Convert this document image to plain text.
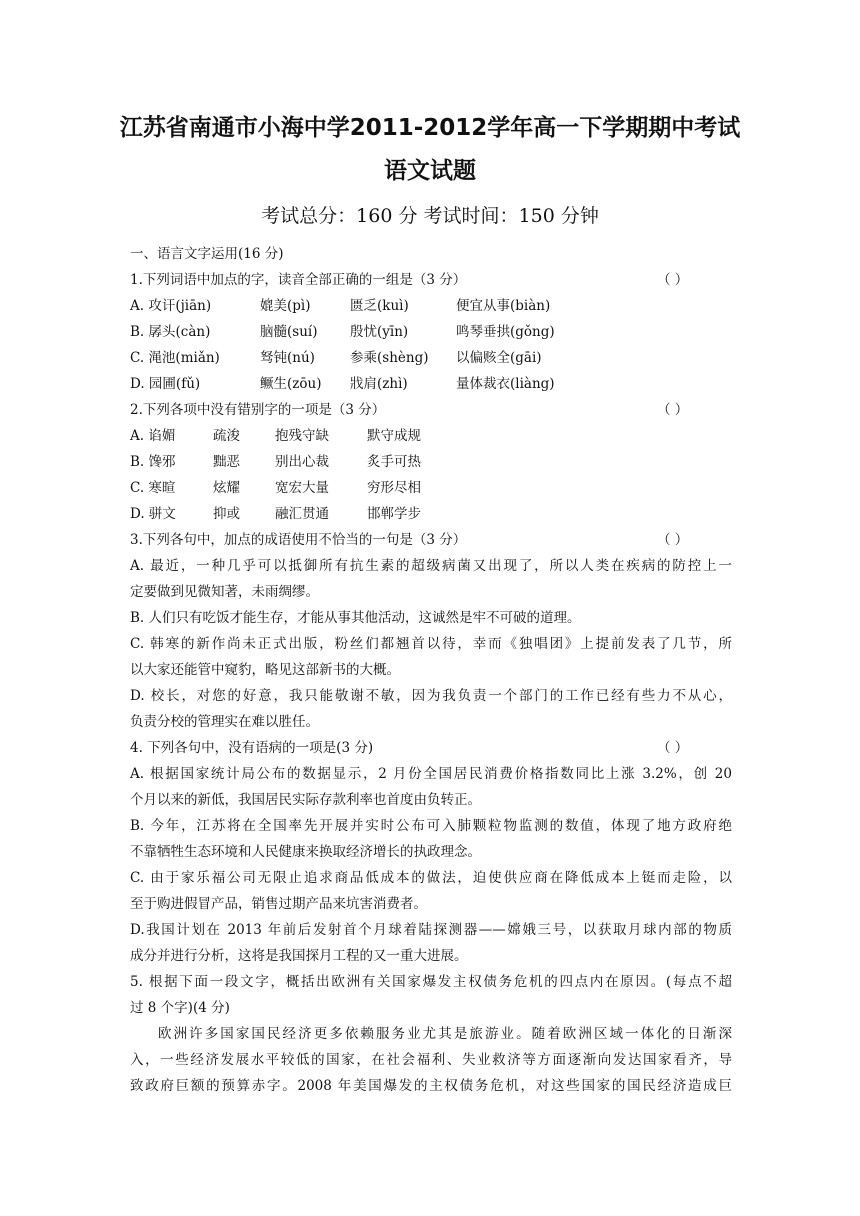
江苏省南通市小海中学2011-2012学年高一下学期期中考试
语文试题
考试总分：160 分 考试时间：150 分钟
一、语言文字运用(16 分)
1.下列词语中加点的字，读音全部正确的一组是（3 分）	（ ）
A. 攻讦(jiān)	媲美(pì)	匮乏(kuì)	便宜从事(biàn)
B. 孱头(càn)	脑髓(suí) 殷忧(yīn)	鸣琴垂拱(gǒng)
C. 渑池(miǎn)	驽钝(nú)	参乘(shèng) 以偏赅全(gāi)
D. 园圃(fǔ)	鳜生(zōu) 戕肩(zhì)	量体裁衣(liàng)
2.下列各项中没有错别字的一项是（3 分）	（ ）
A. 谄媚	疏浚	抱残守缺	默守成规
B. 馋邪	黜恶	别出心裁	炙手可热
C. 寒暄	炫耀	宽宏大量	穷形尽相
D. 骈文	抑或	融汇贯通	邯郸学步
3.下列各句中，加点的成语使用不恰当的一句是（3 分）	（ ）
A. 最近，一种几乎可以抵御所有抗生素的超级病菌又出现了，所以人类在疾病的防控上一
定要做到见微知著，未雨绸缪。
B. 人们只有吃饭才能生存，才能从事其他活动，这诚然是牢不可破的道理。
C. 韩寒的新作尚未正式出版，粉丝们都翘首以待，幸而《独唱团》上提前发表了几节，所
以大家还能管中窥豹，略见这部新书的大概。
D. 校长，对您的好意，我只能敬谢不敏，因为我负责一个部门的工作已经有些力不从心，
负责分校的管理实在难以胜任。
4. 下列各句中，没有语病的一项是(3 分)	（ ）
A. 根据国家统计局公布的数据显示，2 月份全国居民消费价格指数同比上涨 3.2%，创 20
个月以来的新低，我国居民实际存款利率也首度由负转正。
B. 今年，江苏将在全国率先开展并实时公布可入肺颗粒物监测的数值，体现了地方政府绝
不靠牺牲生态环境和人民健康来换取经济增长的执政理念。
C. 由于家乐福公司无限止追求商品低成本的做法，迫使供应商在降低成本上铤而走险，以
至于购进假冒产品，销售过期产品来坑害消费者。
D.我国计划在 2013 年前后发射首个月球着陆探测器——嫦娥三号，以获取月球内部的物质
成分并进行分析，这将是我国探月工程的又一重大进展。
5. 根据下面一段文字，概括出欧洲有关国家爆发主权债务危机的四点内在原因。(每点不超
过 8 个字)(4 分)
欧洲许多国家国民经济更多依赖服务业尤其是旅游业。随着欧洲区域一体化的日渐深
入，一些经济发展水平较低的国家，在社会福利、失业救济等方面逐渐向发达国家看齐，导
致政府巨额的预算赤字。2008 年美国爆发的主权债务危机，对这些国家的国民经济造成巨
